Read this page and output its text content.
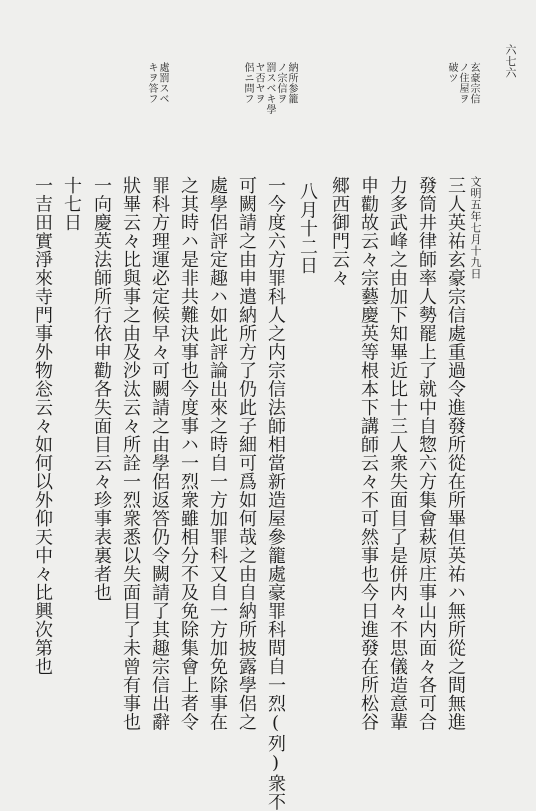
六七六
文明五年七月十九日
三人英祐玄豪宗信處重過令進發所從在所畢但英祐ハ無所從之間無進
發筒井律師率人勢罷上了就中自惣六方集會萩原庄事山内面々各可合
力多武峰之由加下知畢近比十三人衆失面目了是併内々不思儀造意輩
申勸故云々宗藝慶英等根本下講師云々不可然事也今日進發在所松谷
郷西御門云々
八月十二日
一今度六方罪科人之内宗信法師相當新造屋參籠處豪罪科間自一烈(列)衆不
可闕請之由申遣納所方了仍此子細可爲如何哉之由自納所披露學侶之
處學侶評定趣ハ如此評論出來之時自一方加罪科又自一方加免除事在
之其時ハ是非共難決事也今度事ハ一烈衆雖相分不及免除集會上者令
罪科方理運必定候早々可闕請之由學侶返答仍令闕請了其趣宗信出辭
狀畢云々比與事之由及沙汰云々所詮一烈衆悉以失面目了未曾有事也
一向慶英法師所行依申勸各失面目云々珍事表裏者也
十七日
一吉田實淨來寺門事外物忩云々如何以外仰天中々比興次第也
玄豪宗信
ノ住屋ヲ
破ツ
納所参籠
ノ宗信ヲ
罰スベキ
ヤ否ヤヲ
侶ニ問フ
學
處罰スベ
キヲ答フ
